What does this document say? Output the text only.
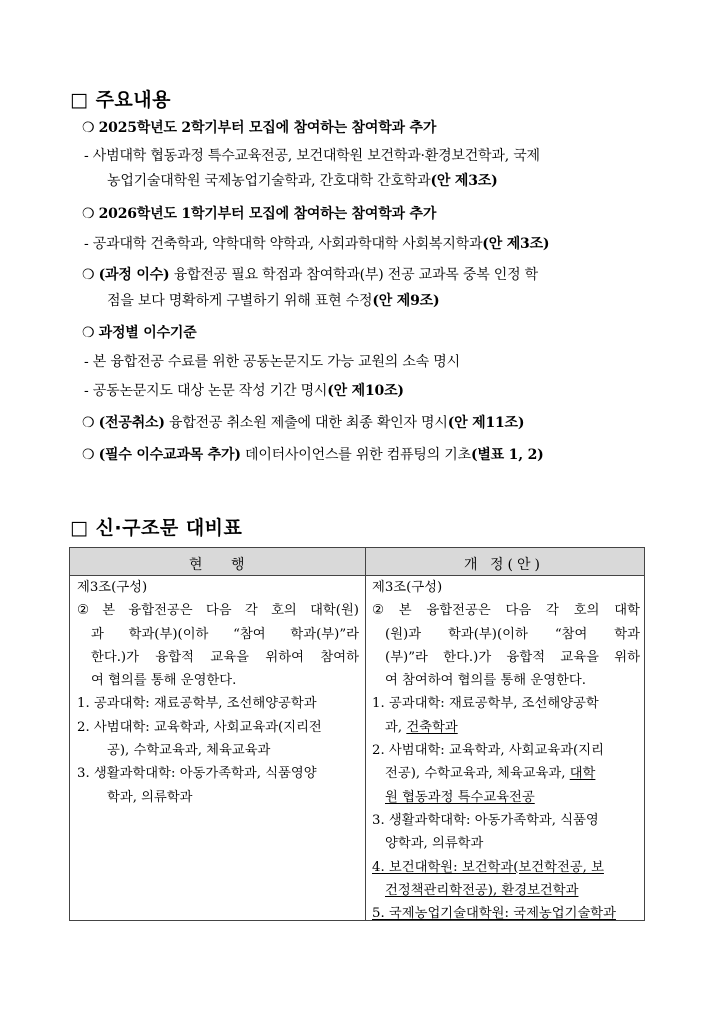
□ 주요내용
❍ 2025학년도 2학기부터 모집에 참여하는 참여학과 추가
- 사범대학 협동과정 특수교육전공, 보건대학원 보건학과·환경보건학과, 국제
농업기술대학원 국제농업기술학과, 간호대학 간호학과(안 제3조)
❍ 2026학년도 1학기부터 모집에 참여하는 참여학과 추가
- 공과대학 건축학과, 약학대학 약학과, 사회과학대학 사회복지학과(안 제3조)
❍ (과정 이수) 융합전공 필요 학점과 참여학과(부) 전공 교과목 중복 인정 학
점을 보다 명확하게 구별하기 위해 표현 수정(안 제9조)
❍ 과정별 이수기준
- 본 융합전공 수료를 위한 공동논문지도 가능 교원의 소속 명시
- 공동논문지도 대상 논문 작성 기간 명시(안 제10조)
❍ (전공취소) 융합전공 취소원 제출에 대한 최종 확인자 명시(안 제11조)
❍ (필수 이수교과목 추가) 데이터사이언스를 위한 컴퓨팅의 기초(별표 1, 2)
□ 신·구조문 대비표
현 행	개 정(안)
제3조(구성)
② 본 융합전공은 다음 각 호의 대학(원)
과 학과(부)(이하 “참여 학과(부)”라
한다.)가 융합적 교육을 위하여 참여하
여 협의를 통해 운영한다.
1. 공과대학: 재료공학부, 조선해양공학과
2. 사범대학: 교육학과, 사회교육과(지리전
공), 수학교육과, 체육교육과
3. 생활과학대학: 아동가족학과, 식품영양
학과, 의류학과
제3조(구성)
② 본 융합전공은 다음 각 호의 대학
(원)과 학과(부)(이하 “참여 학과
(부)”라 한다.)가 융합적 교육을 위하
여 참여하여 협의를 통해 운영한다.
1. 공과대학: 재료공학부, 조선해양공학
과, 건축학과
2. 사범대학: 교육학과, 사회교육과(지리
전공), 수학교육과, 체육교육과, 대학
원 협동과정 특수교육전공
3. 생활과학대학: 아동가족학과, 식품영
양학과, 의류학과
4. 보건대학원: 보건학과(보건학전공, 보
건정책관리학전공), 환경보건학과
5. 국제농업기술대학원: 국제농업기술학과
